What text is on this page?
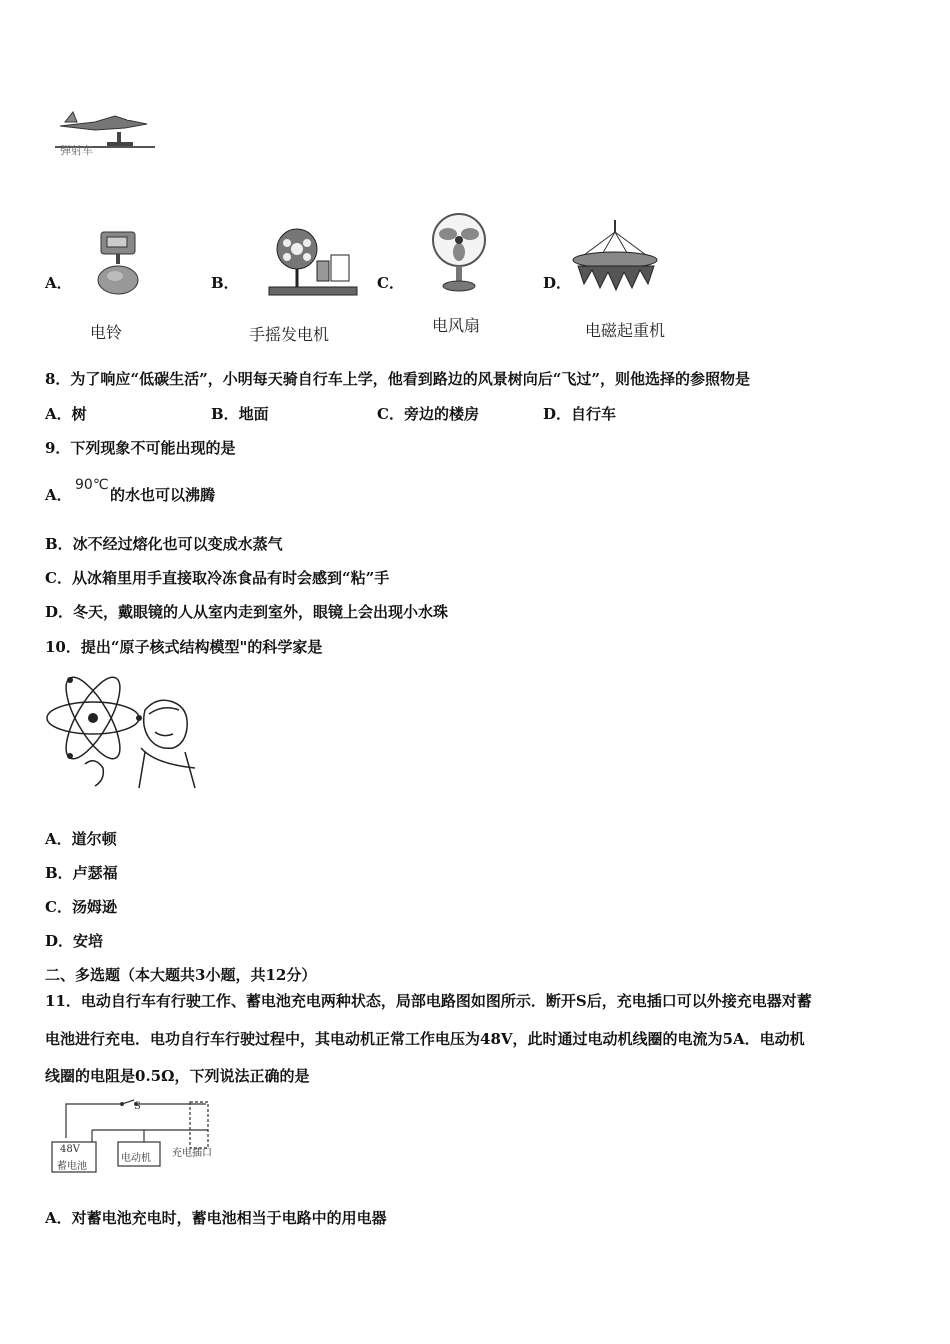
弹射车
A．
电铃
B．
手摇发电机
C．
电风扇
D．
电磁起重机
8．为了响应“低碳生活”，小明每天骑自行车上学，他看到路边的风景树向后“飞过”，则他选择的参照物是
A．树	B．地面	C．旁边的楼房	D．自行车
9．下列现象不可能出现的是
A．
90℃
的水也可以沸腾
B．冰不经过熔化也可以变成水蒸气
C．从冰箱里用手直接取冷冻食品有时会感到“粘”手
D．冬天，戴眼镜的人从室内走到室外，眼镜上会出现小水珠
10．提出“原子核式结构模型"的科学家是
A．道尔顿
B．卢瑟福
C．汤姆逊
D．安培
二、多选题（本大题共3小题，共12分）
11．电动自行车有行驶工作、蓄电池充电两种状态，局部电路图如图所示．断开S后，充电插口可以外接充电器对蓄
电池进行充电．电功自行车行驶过程中，其电动机正常工作电压为48V，此时通过电动机线圈的电流为5A．电动机
线圈的电阻是0.5Ω，下列说法正确的是
S
48V
蓄电池
电动机 充电插口
A．对蓄电池充电时，蓄电池相当于电路中的用电器
